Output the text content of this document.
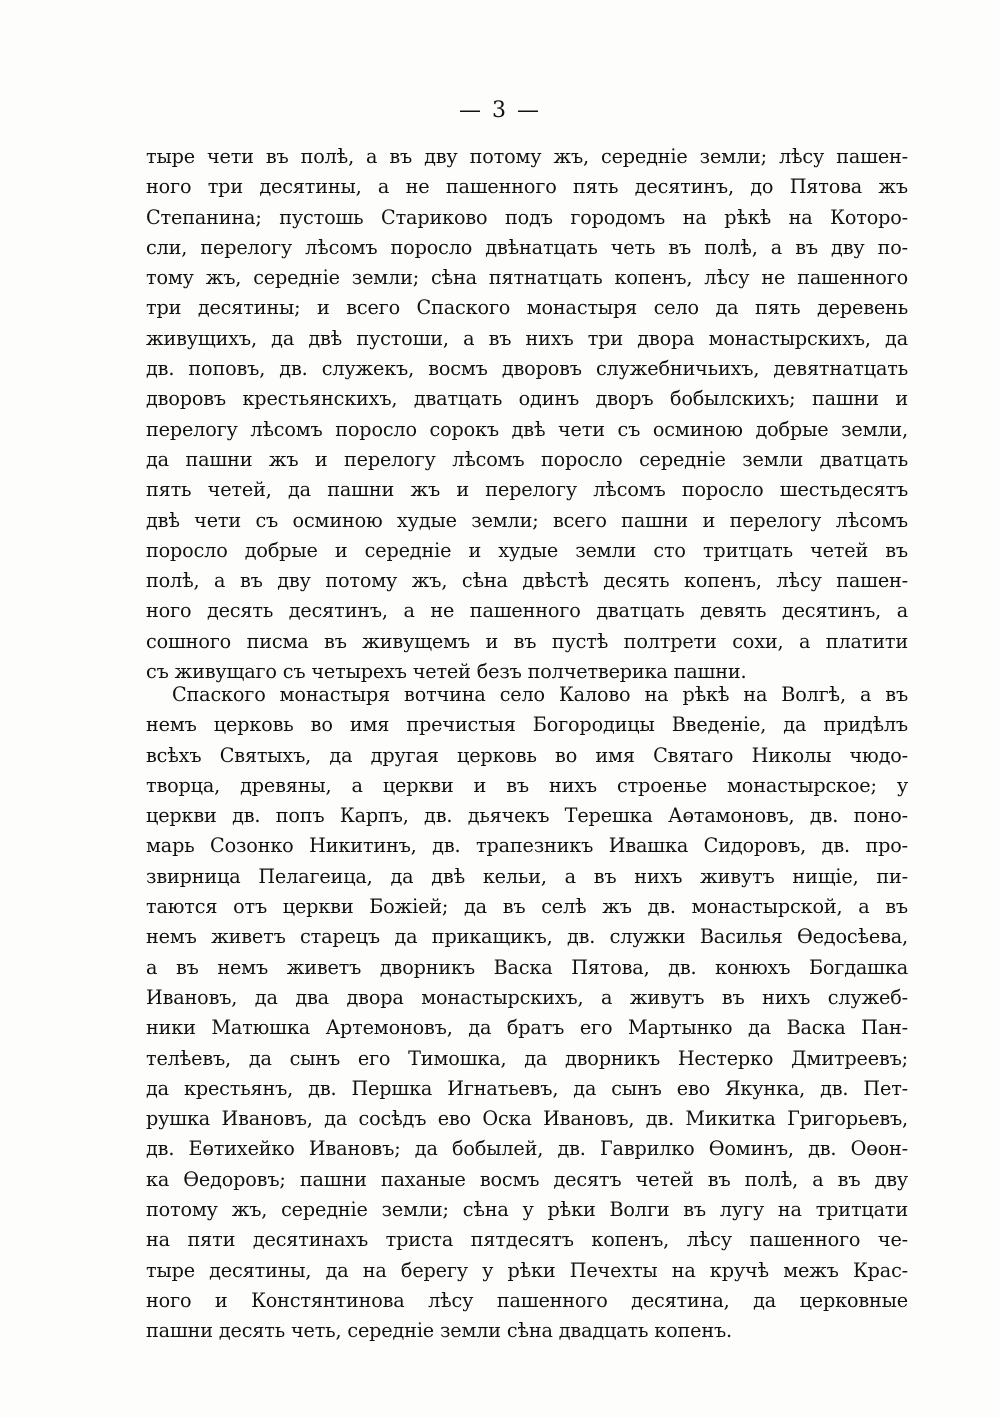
— 3 —
тыре чети въ полѣ, а въ дву потому жъ, середніе земли; лѣсу пашен-
ного три десятины, а не пашенного пять десятинъ, до Пятова жъ
Степанина; пустошь Стариково подъ городомъ на рѣкѣ на Которо-
сли, перелогу лѣсомъ поросло двѣнатцать четь въ полѣ, а въ дву по-
тому жъ, середніе земли; сѣна пятнатцать копенъ, лѣсу не пашенного
три десятины; и всего Спаского монастыря село да пять деревень
живущихъ, да двѣ пустоши, а въ нихъ три двора монастырскихъ, да
дв. поповъ, дв. служекъ, восмъ дворовъ служебничьихъ, девятнатцать
дворовъ крестьянскихъ, дватцать одинъ дворъ бобылскихъ; пашни и
перелогу лѣсомъ поросло сорокъ двѣ чети съ осминою добрые земли,
да пашни жъ и перелогу лѣсомъ поросло середніе земли дватцать
пять четей, да пашни жъ и перелогу лѣсомъ поросло шестьдесятъ
двѣ чети съ осминою худые земли; всего пашни и перелогу лѣсомъ
поросло добрые и середніе и худые земли сто тритцать четей въ
полѣ, а въ дву потому жъ, сѣна двѣстѣ десять копенъ, лѣсу пашен-
ного десять десятинъ, а не пашенного дватцать девять десятинъ, а
сошного писма въ живущемъ и въ пустѣ полтрети сохи, а платити
съ живущаго съ четырехъ четей безъ полчетверика пашни.
Спаского монастыря вотчина село Калово на рѣкѣ на Волгѣ, а въ
немъ церковь во имя пречистыя Богородицы Введеніе, да придѣлъ
всѣхъ Святыхъ, да другая церковь во имя Святаго Николы чюдо-
творца, древяны, а церкви и въ нихъ строенье монастырское; у
церкви дв. попъ Карпъ, дв. дьячекъ Терешка Аөтамоновъ, дв. поно-
марь Созонко Никитинъ, дв. трапезникъ Ивашка Сидоровъ, дв. про-
звирница Пелагеица, да двѣ кельи, а въ нихъ живутъ нищіе, пи-
таются отъ церкви Божіей; да въ селѣ жъ дв. монастырской, а въ
немъ живетъ старецъ да прикащикъ, дв. служки Василья Өедосѣева,
а въ немъ живетъ дворникъ Васка Пятова, дв. конюхъ Богдашка
Ивановъ, да два двора монастырскихъ, а живутъ въ нихъ служеб-
ники Матюшка Артемоновъ, да братъ его Мартынко да Васка Пан-
телѣевъ, да сынъ его Тимошка, да дворникъ Нестерко Дмитреевъ;
да крестьянъ, дв. Першка Игнатьевъ, да сынъ ево Якунка, дв. Пет-
рушка Ивановъ, да сосѣдъ ево Оска Ивановъ, дв. Микитка Григорьевъ,
дв. Еөтихейко Ивановъ; да бобылей, дв. Гаврилко Өоминъ, дв. Оөон-
ка Өедоровъ; пашни паханые восмъ десятъ четей въ полѣ, а въ дву
потому жъ, середніе земли; сѣна у рѣки Волги въ лугу на тритцати
на пяти десятинахъ триста пятдесятъ копенъ, лѣсу пашенного че-
тыре десятины, да на берегу у рѣки Печехты на кручѣ межъ Крас-
ного и Констянтинова лѣсу пашенного десятина, да церковные
пашни десять четь, середніе земли сѣна двадцать копенъ.
